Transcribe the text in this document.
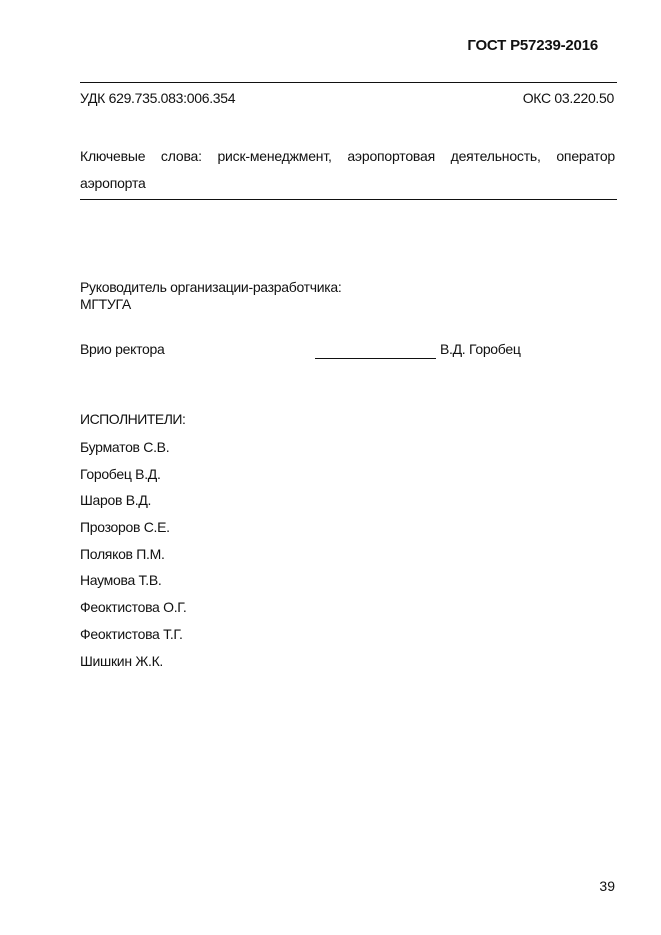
ГОСТ Р57239-2016
УДК 629.735.083:006.354	ОКС 03.220.50
Ключевые слова: риск-менеджмент, аэропортовая деятельность, оператор аэропорта
Руководитель организации-разработчика:
МГТУГА
Врио ректора	В.Д. Горобец
ИСПОЛНИТЕЛИ:
Бурматов С.В.
Горобец В.Д.
Шаров В.Д.
Прозоров С.Е.
Поляков П.М.
Наумова Т.В.
Феоктистова О.Г.
Феоктистова Т.Г.
Шишкин Ж.К.
39
